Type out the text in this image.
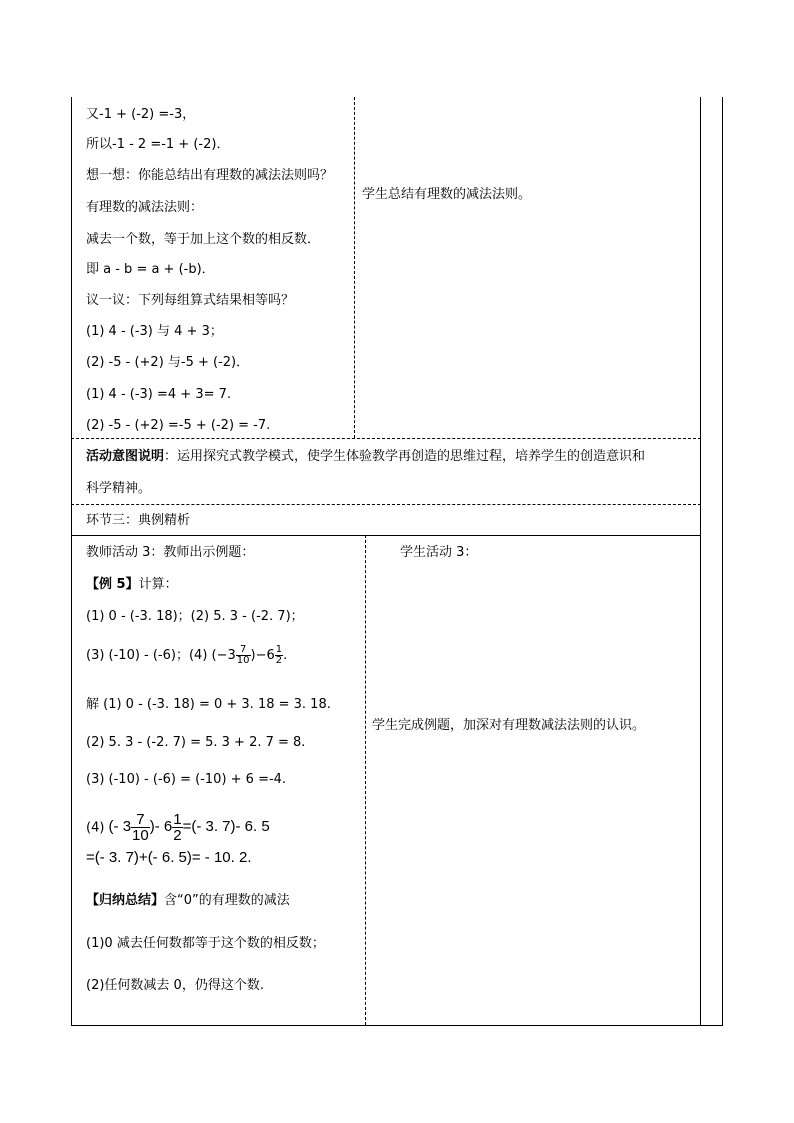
又-1 + (-2) =-3，
所以-1 - 2 =-1 + (-2)．
想一想：你能总结出有理数的减法法则吗？
有理数的减法法则：
减去一个数，等于加上这个数的相反数．
即 a - b = a + (-b)．
议一议：下列每组算式结果相等吗？
(1) 4 - (-3) 与 4 + 3；
(2) -5 - (+2) 与-5 + (-2)．
(1) 4 - (-3) =4 + 3= 7.
(2) -5 - (+2) =-5 + (-2) = -7.
学生总结有理数的减法法则。
活动意图说明：运用探究式教学模式，使学生体验教学再创造的思维过程，培养学生的创造意识和
科学精神。
环节三：典例精析
教师活动 3：教师出示例题：
【例 5】计算：
(1) 0 - (-3. 18)；(2) 5. 3 - (-2. 7)；
(3) (-10) - (-6)；(4) $(-3 \frac{7}{10} )-6 \frac{1}{2}$ .
解 (1) 0 - (-3. 18) = 0 + 3. 18 = 3. 18.
(2) 5. 3 - (-2. 7) = 5. 3 + 2. 7 = 8.
(3) (-10) - (-6) = (-10) + 6 =-4.
(4) (- $3 \frac{7}{10}$ )- $6 \frac{1}{2}$ =(- 3. 7)- 6. 5
=(- 3. 7)+(- 6. 5)= - 10. 2.
【归纳总结】含“0”的有理数的减法
(1)0 减去任何数都等于这个数的相反数；
(2)任何数减去 0，仍得这个数.
学生活动 3：
学生完成例题，加深对有理数减法法则的认识。
